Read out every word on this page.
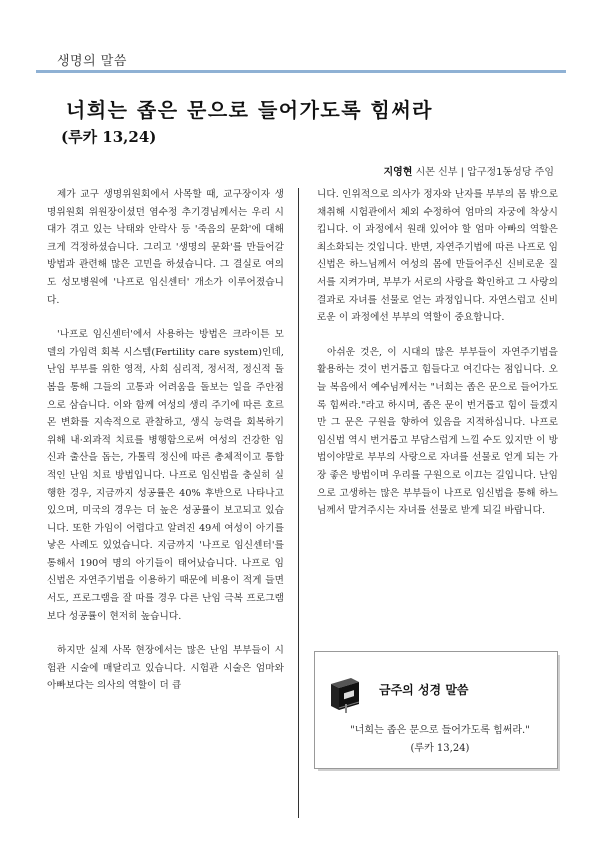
생명의 말씀
너희는 좁은 문으로 들어가도록 힘써라
(루카 13,24)
지영현 시몬 신부 | 압구정1동성당 주임

제가 교구 생명위원회에서 사목할 때, 교구장이자 생명위원회 위원장이셨던 염수정 추기경님께서는 우리 시대가 겪고 있는 낙태와 안락사 등 '죽음의 문화'에 대해 크게 걱정하셨습니다. 그리고 '생명의 문화'를 만들어갈 방법과 관련해 많은 고민을 하셨습니다. 그 결실로 여의도 성모병원에 '나프로 임신센터' 개소가 이루어졌습니다.

'나프로 임신센터'에서 사용하는 방법은 크라이튼 모델의 가임력 회복 시스템(Fertility care system)인데, 난임 부부를 위한 영적, 사회 심리적, 정서적, 정신적 돌봄을 통해 그들의 고통과 어려움을 돌보는 일을 주안점으로 삼습니다. 이와 함께 여성의 생리 주기에 따른 호르몬 변화를 지속적으로 관찰하고, 생식 능력을 회복하기 위해 내·외과적 치료를 병행함으로써 여성의 건강한 임신과 출산을 돕는, 가톨릭 정신에 따른 총체적이고 통합적인 난임 치료 방법입니다. 나프로 임신법을 충실히 실행한 경우, 지금까지 성공률은 40% 후반으로 나타나고 있으며, 미국의 경우는 더 높은 성공률이 보고되고 있습니다. 또한 가임이 어렵다고 알려진 49세 여성이 아기를 낳은 사례도 있었습니다. 지금까지 '나프로 임신센터'를 통해서 190여 명의 아기들이 태어났습니다. 나프로 임신법은 자연주기법을 이용하기 때문에 비용이 적게 들면서도, 프로그램을 잘 따를 경우 다른 난임 극복 프로그램보다 성공률이 현저히 높습니다.

하지만 실제 사목 현장에서는 많은 난임 부부들이 시험관 시술에 매달리고 있습니다. 시험관 시술은 엄마와 아빠보다는 의사의 역할이 더 큽

니다. 인위적으로 의사가 정자와 난자를 부부의 몸 밖으로 채취해 시험관에서 체외 수정하여 엄마의 자궁에 착상시킵니다. 이 과정에서 원래 있어야 할 엄마 아빠의 역할은 최소화되는 것입니다. 반면, 자연주기법에 따른 나프로 임신법은 하느님께서 여성의 몸에 만들어주신 신비로운 질서를 지켜가며, 부부가 서로의 사랑을 확인하고 그 사랑의 결과로 자녀를 선물로 얻는 과정입니다. 자연스럽고 신비로운 이 과정에선 부부의 역할이 중요합니다.

아쉬운 것은, 이 시대의 많은 부부들이 자연주기법을 활용하는 것이 번거롭고 힘들다고 여긴다는 점입니다. 오늘 복음에서 예수님께서는 "너희는 좁은 문으로 들어가도록 힘써라."라고 하시며, 좁은 문이 번거롭고 힘이 들겠지만 그 문은 구원을 향하여 있음을 지적하십니다. 나프로 임신법 역시 번거롭고 부담스럽게 느낄 수도 있지만 이 방법이야말로 부부의 사랑으로 자녀를 선물로 얻게 되는 가장 좋은 방법이며 우리를 구원으로 이끄는 길입니다. 난임으로 고생하는 많은 부부들이 나프로 임신법을 통해 하느님께서 맡겨주시는 자녀를 선물로 받게 되길 바랍니다.

금주의 성경 말씀
"너희는 좁은 문으로 들어가도록 힘써라."
(루카 13,24)
